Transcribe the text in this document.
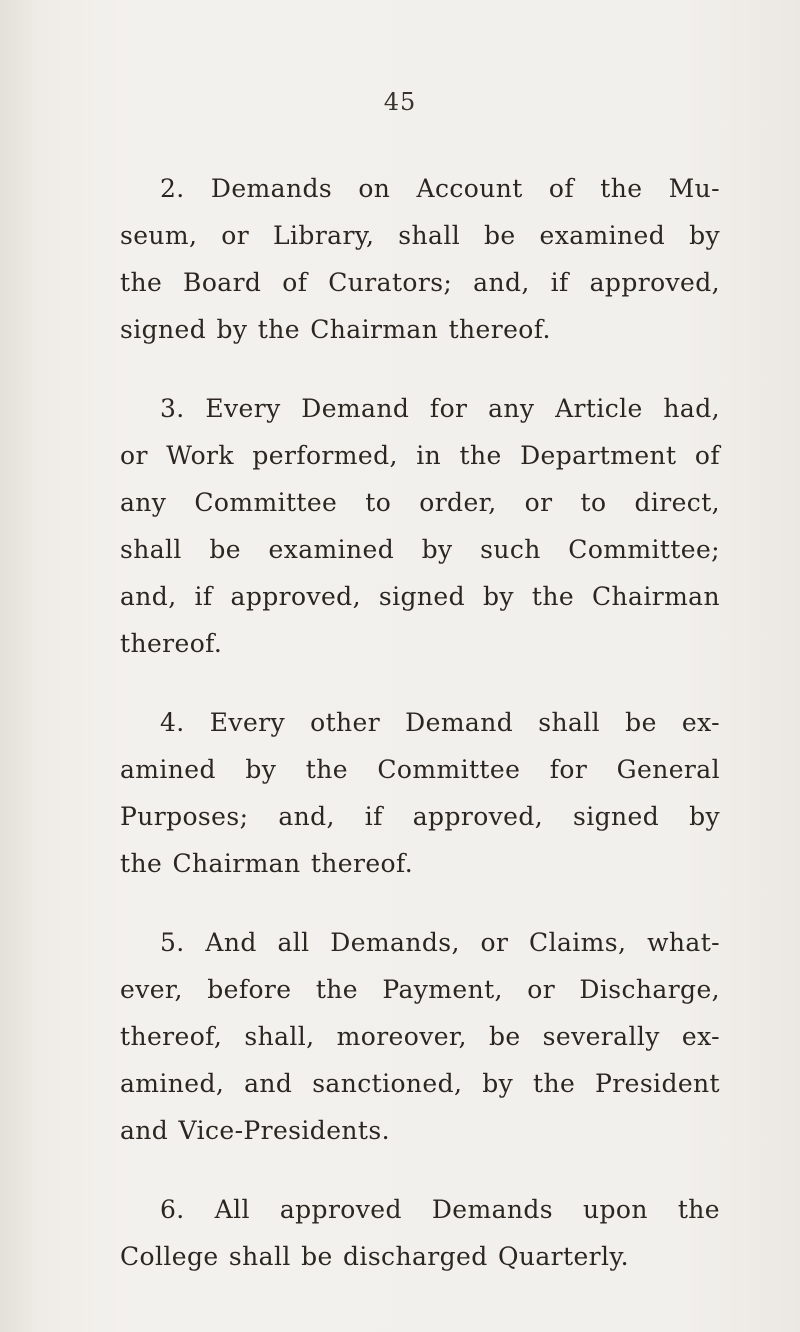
45

2. Demands on Account of the Mu-
seum, or Library, shall be examined by
the Board of Curators; and, if approved,
signed by the Chairman thereof.

3. Every Demand for any Article had,
or Work performed, in the Department of
any Committee to order, or to direct,
shall be examined by such Committee;
and, if approved, signed by the Chairman
thereof.

4. Every other Demand shall be ex-
amined by the Committee for General
Purposes; and, if approved, signed by
the Chairman thereof.

5. And all Demands, or Claims, what-
ever, before the Payment, or Discharge,
thereof, shall, moreover, be severally ex-
amined, and sanctioned, by the President
and Vice-Presidents.

6. All approved Demands upon the
College shall be discharged Quarterly.
